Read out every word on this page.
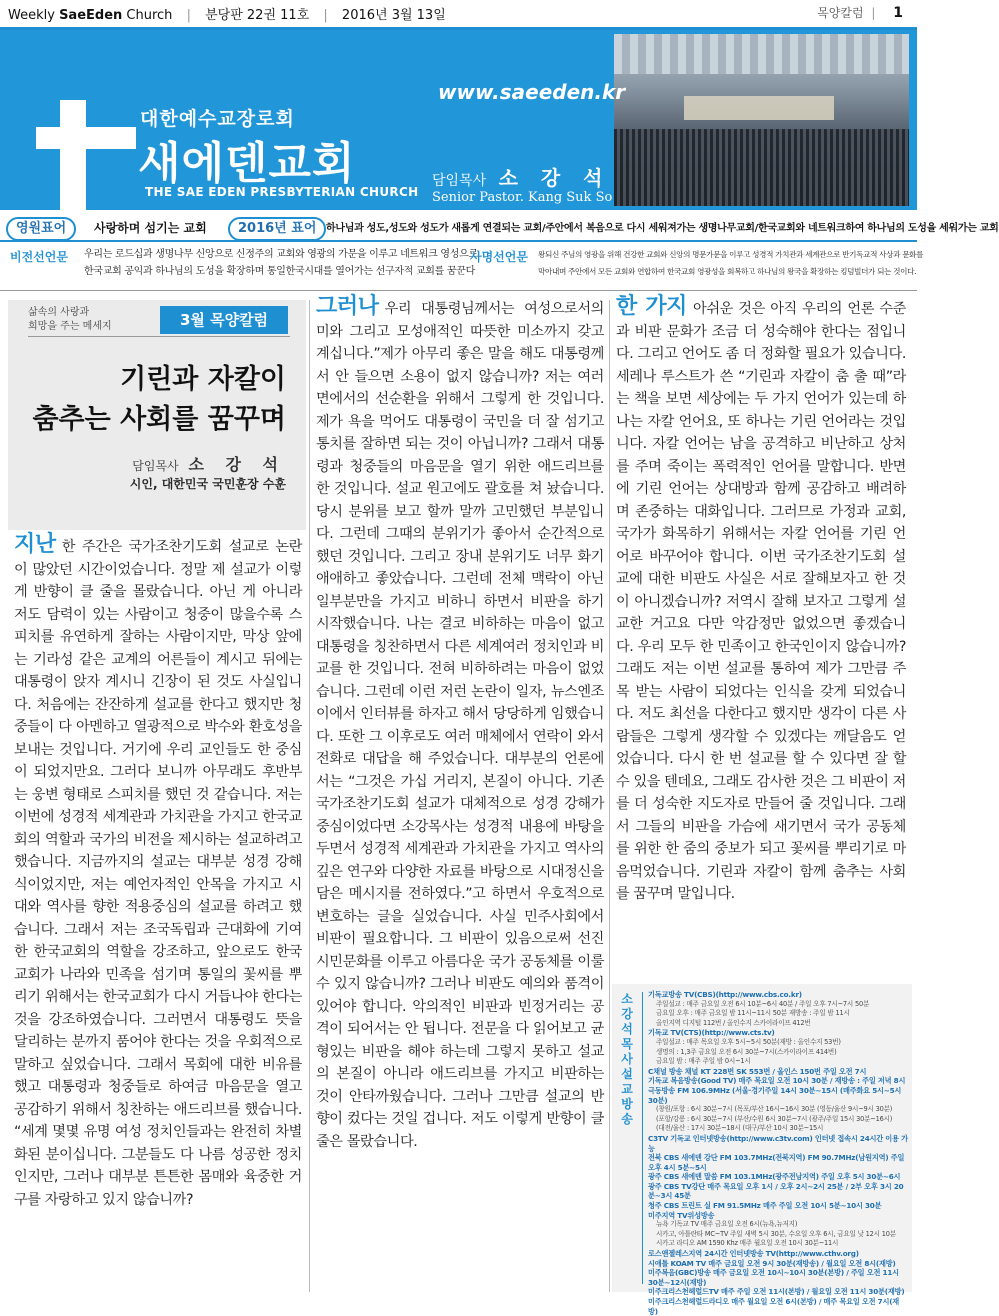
Weekly SaeEden Church | 분당판 22권 11호 | 2016년 3월 13일	목양칼럼 | 1
www.saeeden.kr
대한예수교장로회
새에덴교회
THE SAE EDEN PRESBYTERIAN CHURCH
담임목사 소 강 석
Senior Pastor. Kang Suk So
영원표어	사랑하며 섬기는 교회	2016년 표어 하나님과 성도,성도와 성도가 새롭게 연결되는 교회/주안에서 복음으로 다시 세워져가는 생명나무교회/한국교회와 네트워크하여 하나님의 도성을 세워가는 교회
비전선언문 우리는 로드십과 생명나무 신앙으로 신정주의 교회와 영광의 가문을 이루고 네트워크 영성으로
한국교회 공익과 하나님의 도성을 확장하며 통일한국시대를 열어가는 선구자적 교회를 꿈꾼다
사명선언문 왕되신 주님의 영광을 위해 건강한 교회와 신앙의 명문가문을 이루고 성경적 가치관과 세계관으로 반기독교적 사상과 문화를
막아내며 주안에서 모든 교회와 연합하여 한국교회 영광성을 회복하고 하나님의 왕국을 확장하는 킹덤빌더가 되는 것이다.
삶속의 사랑과
희망을 주는 메세지	3월 목양칼럼
기린과 자칼이
춤추는 사회를 꿈꾸며
담임목사 소 강 석
시인, 대한민국 국민훈장 수훈
지난 한 주간은 국가조찬기도회 설교로 논란이 많았던 시간이었습니다. 정말 제 설교가 이렇게 반향이 클 줄을 몰랐습니다. 아닌 게 아니라 저도 담력이 있는 사람이고 청중이 많을수록 스피치를 유연하게 잘하는 사람이지만, 막상 앞에는 기라성 같은 교계의 어른들이 계시고 뒤에는 대통령이 앉자 계시니 긴장이 된 것도 사실입니다. 처음에는 잔잔하게 설교를 한다고 했지만 청중들이 다 아멘하고 열광적으로 박수와 환호성을 보내는 것입니다. 거기에 우리 교인들도 한 중심이 되었지만요. 그러다 보니까 아무래도 후반부는 웅변 형태로 스피치를 했던 것 같습니다. 저는 이번에 성경적 세계관과 가치관을 가지고 한국교회의 역할과 국가의 비전을 제시하는 설교하려고 했습니다. 지금까지의 설교는 대부분 성경 강해식이었지만, 저는 예언자적인 안목을 가지고 시대와 역사를 향한 적용중심의 설교를 하려고 했습니다. 그래서 저는 조국독립과 근대화에 기여한 한국교회의 역할을 강조하고, 앞으로도 한국교회가 나라와 민족을 섬기며 통일의 꽃씨를 뿌리기 위해서는 한국교회가 다시 거듭나야 한다는 것을 강조하였습니다. 그러면서 대통령도 뜻을 달리하는 분까지 품어야 한다는 것을 우회적으로 말하고 싶었습니다. 그래서 목회에 대한 비유를 했고 대통령과 청중들로 하여금 마음문을 열고 공감하기 위해서 칭찬하는 애드리브를 했습니다. “세계 몇몇 유명 여성 정치인들과는 완전히 차별화된 분이십니다. 그분들도 다 나름 성공한 정치인지만, 그러나 대부분 튼튼한 몸매와 육중한 거구를 자랑하고 있지 않습니까?
그러나 우리 대통령님께서는 여성으로서의 미와 그리고 모성애적인 따뜻한 미소까지 갖고 계십니다.”제가 아무리 좋은 말을 해도 대통령께서 안 들으면 소용이 없지 않습니까? 저는 여러 면에서의 선순환을 위해서 그렇게 한 것입니다. 제가 욕을 먹어도 대통령이 국민을 더 잘 섬기고 통치를 잘하면 되는 것이 아닙니까? 그래서 대통령과 청중들의 마음문을 열기 위한 애드리브를 한 것입니다. 설교 원고에도 괄호를 쳐 놨습니다. 당시 분위를 보고 할까 말까 고민했던 부분입니다. 그런데 그때의 분위기가 좋아서 순간적으로 했던 것입니다. 그리고 장내 분위기도 너무 화기애애하고 좋았습니다. 그런데 전체 맥락이 아닌 일부분만을 가지고 비하니 하면서 비판을 하기 시작했습니다. 나는 결코 비하하는 마음이 없고 대통령을 칭찬하면서 다른 세계여러 정치인과 비교를 한 것입니다. 전혀 비하하려는 마음이 없었습니다. 그런데 이런 저런 논란이 일자, 뉴스엔조이에서 인터뷰를 하자고 해서 당당하게 임했습니다. 또한 그 이후로도 여러 매체에서 연락이 와서 전화로 대답을 해 주었습니다. 대부분의 언론에서는 “그것은 가십 거리지, 본질이 아니다. 기존 국가조찬기도회 설교가 대체적으로 성경 강해가 중심이었다면 소강목사는 성경적 내용에 바탕을 두면서 성경적 세계관과 가치관을 가지고 역사의 깊은 연구와 다양한 자료를 바탕으로 시대정신을 담은 메시지를 전하였다.”고 하면서 우호적으로 변호하는 글을 실었습니다. 사실 민주사회에서 비판이 필요합니다. 그 비판이 있음으로써 선진 시민문화를 이루고 아름다운 국가 공동체를 이룰 수 있지 않습니까? 그러나 비판도 예의와 품격이 있어야 합니다. 악의적인 비판과 빈정거리는 공격이 되어서는 안 됩니다. 전문을 다 읽어보고 균형있는 비판을 해야 하는데 그렇지 못하고 설교의 본질이 아니라 애드리브를 가지고 비판하는 것이 안타까웠습니다. 그러나 그만큼 설교의 반향이 컸다는 것일 겁니다. 저도 이렇게 반향이 클 줄은 몰랐습니다.
한 가지 아쉬운 것은 아직 우리의 언론 수준과 비판 문화가 조금 더 성숙해야 한다는 점입니다. 그리고 언어도 좀 더 정화할 필요가 있습니다. 세레나 루스트가 쓴 “기린과 자칼이 춤 출 때”라는 책을 보면 세상에는 두 가지 언어가 있는데 하나는 자칼 언어요, 또 하나는 기린 언어라는 것입니다. 자칼 언어는 남을 공격하고 비난하고 상처를 주며 죽이는 폭력적인 언어를 말합니다. 반면에 기린 언어는 상대방과 함께 공감하고 배려하며 존중하는 대화입니다. 그러므로 가정과 교회, 국가가 화목하기 위해서는 자칼 언어를 기린 언어로 바꾸어야 합니다. 이번 국가조찬기도회 설교에 대한 비판도 사실은 서로 잘해보자고 한 것이 아니겠습니까? 저역시 잘해 보자고 그렇게 설교한 거고요 다만 악감정만 없었으면 좋겠습니다. 우리 모두 한 민족이고 한국인이지 않습니까? 그래도 저는 이번 설교를 통하여 제가 그만큼 주목 받는 사람이 되었다는 인식을 갖게 되었습니다. 저도 최선을 다한다고 했지만 생각이 다른 사람들은 그렇게 생각할 수 있겠다는 깨달음도 얻었습니다. 다시 한 번 설교를 할 수 있다면 잘 할 수 있을 텐데요, 그래도 감사한 것은 그 비판이 저를 더 성숙한 지도자로 만들어 줄 것입니다. 그래서 그들의 비판을 가슴에 새기면서 국가 공동체를 위한 한 줌의 중보가 되고 꽃씨를 뿌리기로 마음먹었습니다. 기린과 자칼이 함께 춤추는 사회를 꿈꾸며 말입니다.
소강석목사 설교방송
기독교방송 TV(CBS)(http://www.cbs.co.kr)
주일설교 : 매주 금요일 오전 6시 10분~6시 40분 / 주일 오후 7시~7시 50분
금요일 오후 : 매주 금요일 밤 11시~11시 50분 재방송 : 주일 밤 11시
올인지역 디지털 112번 / 올인수지 스카이라이프 412번
기독교 TV(CTS)(http://www.cts.tv)
주일설교 : 매주 목요일 오후 5시~5시 50분(재방 : 올인수지 53번)
생명의 : 1,3주 금요일 오전 6시 30분~7시(스카이라이프 414번)
금요일 밤 : 매주 주일 밤 0시~1시
C채널 방송 채널 KT 228번 SK 553번 / 올인스 150번 주일 오전 7시
기독교 복음방송(Good TV) 매주 목요일 오전 10시 30분 / 재방송 : 주일 저녁 8시
극동방송 FM 106.9MHz (서울·경기주일 14시 30분~15시 (매주화요 5시~5시 30분)
(창원/포항 : 6시 30분~7시 (목포/부산 16시~16시 30분 (영동/울산 9시~9시 30분)
(포항/강릉 : 6시 30분~7시 (부산/수원 6시 30분~7시 (광주/주일 15시 30분~16시)
(대전/울산 : 17시 30분~18시 (대구/부산 10시 30분~15시
C3TV 기독교 인터넷방송(http://www.c3tv.com) 인터넷 접속시 24시간 이용 가능
전북 CBS 새에덴 강단 FM 103.7MHz(전북지역) FM 90.7MHz(남원지역) 주일 오후 4시 5분~5시
광주 CBS 새에덴 말씀 FM 103.1MHz(광주전남지역) 주일 오후 5시 30분~6시
광주 CBS TV강단 매주 목요일 오후 1시 / 오후 2시~2시 25분 / 2부 오후 3시 20분~3시 45분
청주 CBS 트린트 실 FM 91.5MHz 매주 주일 오전 10시 5분~10시 30분
미주지역 TV위성방송
뉴욕 기독교 TV 매주 금요일 오전 6시(뉴욕,뉴저지)
시카고, 아틀란타 MC~TV 주일 새벽 5시 30분, 수요일 오후 6시, 금요일 낮 12시 10분
시카고 라디오 AM 1590 Khz 매주 월요일 오전 10시 30분~11시
로스앤젤레스지역 24시간 인터넷방송 TV(http://www.cthv.org)
시애틀 KOAM TV 매주 금요일 오전 9시 30분(재방송) / 월요일 오전 8시(재방)
미주복음(GBC)방송 매주 금요일 오전 10시~10시 30분(본방) / 주일 오전 11시 30분~12시(재방)
미주크리스천헤럴드TV 매주 주일 오전 11시(본방) / 월요일 오전 11시 30분(재방)
미주크리스천헤럴드라디오 매주 월요일 오전 6시(본방) / 매주 목요일 오전 7시(재방)
